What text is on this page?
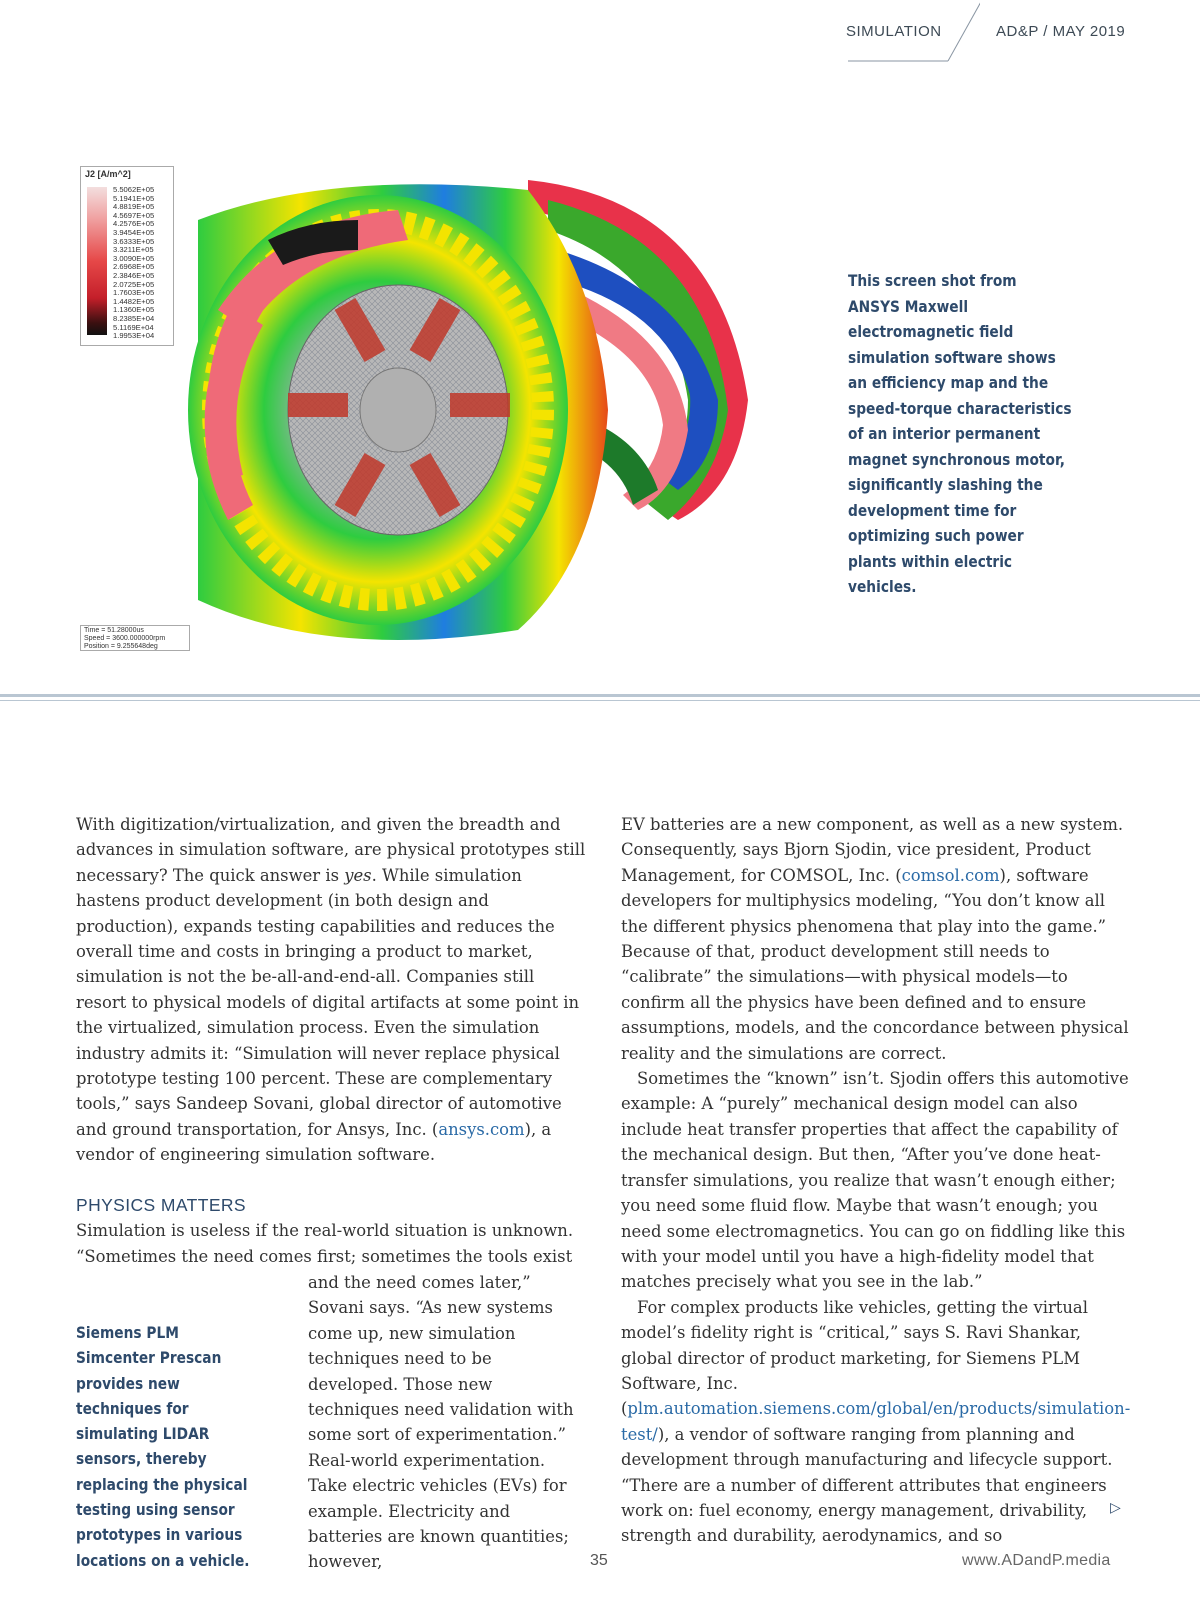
SIMULATION	AD&P / MAY 2019
J2 [A/m^2]
5.5062E+05
5.1941E+05
4.8819E+05
4.5697E+05
4.2576E+05
3.9454E+05
3.6333E+05
3.3211E+05
3.0090E+05
2.6968E+05
2.3846E+05
2.0725E+05
1.7603E+05
1.4482E+05
1.1360E+05
8.2385E+04
5.1169E+04
1.9953E+04
Time = 51.28000us
Speed = 3600.000000rpm
Position = 9.255648deg
This screen shot from ANSYS Maxwell electromagnetic field simulation software shows an efficiency map and the speed-torque characteristics of an interior permanent magnet synchronous motor, significantly slashing the development time for optimizing such power plants within electric vehicles.

With digitization/virtualization, and given the breadth and advances in simulation software, are physical prototypes still necessary? The quick answer is yes. While simulation hastens product development (in both design and production), expands testing capabilities and reduces the overall time and costs in bringing a product to market, simulation is not the be-all-and-end-all. Companies still resort to physical models of digital artifacts at some point in the virtualized, simulation process. Even the simulation industry admits it: “Simulation will never replace physical prototype testing 100 percent. These are complementary tools,” says Sandeep Sovani, global director of automotive and ground transportation, for Ansys, Inc. (ansys.com), a vendor of engineering simulation software.

PHYSICS MATTERS

Simulation is useless if the real-world situation is unknown. “Sometimes the need comes first; sometimes the tools exist

and the need comes later,” Sovani says. “As new systems come up, new simulation techniques need to be developed. Those new techniques need validation with some sort of experimentation.” Real-world experimentation. Take electric vehicles (EVs) for example. Electricity and batteries are known quantities; however,

Siemens PLM Simcenter Prescan provides new techniques for simulating LIDAR sensors, thereby replacing the physical testing using sensor prototypes in various locations on a vehicle.

EV batteries are a new component, as well as a new system. Consequently, says Bjorn Sjodin, vice president, Product Management, for COMSOL, Inc. (comsol.com), software developers for multiphysics modeling, “You don’t know all the different physics phenomena that play into the game.” Because of that, product development still needs to “calibrate” the simulations—with physical models—to confirm all the physics have been defined and to ensure assumptions, models, and the concordance between physical reality and the simulations are correct.

Sometimes the “known” isn’t. Sjodin offers this automotive example: A “purely” mechanical design model can also include heat transfer properties that affect the capability of the mechanical design. But then, “After you’ve done heat-transfer simulations, you realize that wasn’t enough either; you need some fluid flow. Maybe that wasn’t enough; you need some electromagnetics. You can go on fiddling like this with your model until you have a high-fidelity model that matches precisely what you see in the lab.”

For complex products like vehicles, getting the virtual model’s fidelity right is “critical,” says S. Ravi Shankar, global director of product marketing, for Siemens PLM Software, Inc. (plm.automation.siemens.com/global/en/products/simulation-test/), a vendor of software ranging from planning and development through manufacturing and lifecycle support. “There are a number of different attributes that engineers work on: fuel economy, energy management, drivability, strength and durability, aerodynamics, and so

▷
35	www.ADandP.media
